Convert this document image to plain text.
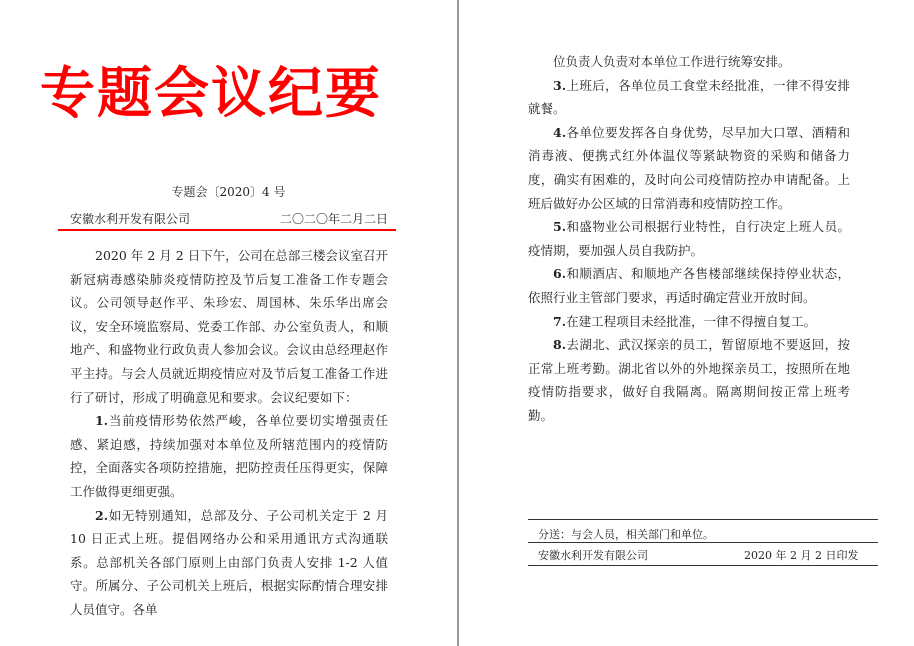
专题会议纪要
专题会〔2020〕4 号
安徽水利开发有限公司	二〇二〇年二月二日

2020 年 2 月 2 日下午，公司在总部三楼会议室召开新冠病毒感染肺炎疫情防控及节后复工准备工作专题会议。公司领导赵作平、朱珍宏、周国林、朱乐华出席会议，安全环境监察局、党委工作部、办公室负责人，和顺地产、和盛物业行政负责人参加会议。会议由总经理赵作平主持。与会人员就近期疫情应对及节后复工准备工作进行了研讨，形成了明确意见和要求。会议纪要如下：

1.当前疫情形势依然严峻，各单位要切实增强责任感、紧迫感，持续加强对本单位及所辖范围内的疫情防控，全面落实各项防控措施，把防控责任压得更实，保障工作做得更细更强。

2.如无特别通知，总部及分、子公司机关定于 2 月 10 日正式上班。提倡网络办公和采用通讯方式沟通联系。总部机关各部门原则上由部门负责人安排 1-2 人值守。所属分、子公司机关上班后，根据实际酌情合理安排人员值守。各单

位负责人负责对本单位工作进行统筹安排。

3.上班后，各单位员工食堂未经批准，一律不得安排就餐。

4.各单位要发挥各自身优势，尽早加大口罩、酒精和消毒液、便携式红外体温仪等紧缺物资的采购和储备力度，确实有困难的，及时向公司疫情防控办申请配备。上班后做好办公区域的日常消毒和疫情防控工作。

5.和盛物业公司根据行业特性，自行决定上班人员。疫情期，要加强人员自我防护。

6.和顺酒店、和顺地产各售楼部继续保持停业状态，依照行业主管部门要求，再适时确定营业开放时间。

7.在建工程项目未经批准，一律不得擅自复工。

8.去湖北、武汉探亲的员工，暂留原地不要返回，按正常上班考勤。湖北省以外的外地探亲员工，按照所在地疫情防指要求，做好自我隔离。隔离期间按正常上班考勤。

分送：与会人员，相关部门和单位。
安徽水利开发有限公司	2020 年 2 月 2 日印发
